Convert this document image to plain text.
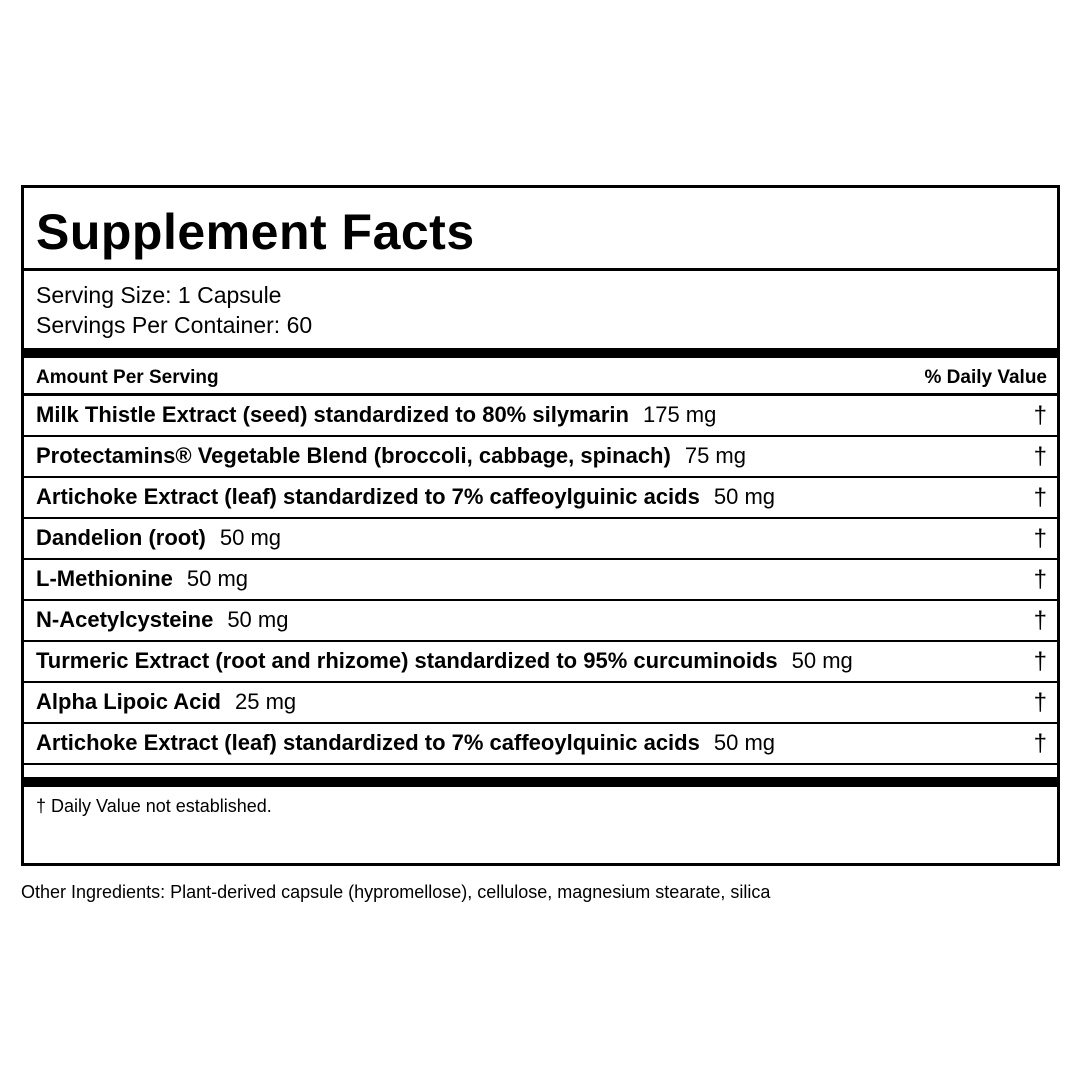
Supplement Facts
Serving Size: 1 Capsule
Servings Per Container: 60
Amount Per Serving	% Daily Value
Milk Thistle Extract (seed) standardized to 80% silymarin 175 mg	†
Protectamins® Vegetable Blend (broccoli, cabbage, spinach) 75 mg	†
Artichoke Extract (leaf) standardized to 7% caffeoylguinic acids 50 mg	†
Dandelion (root) 50 mg	†
L-Methionine 50 mg	†
N-Acetylcysteine 50 mg	†
Turmeric Extract (root and rhizome) standardized to 95% curcuminoids 50 mg	†
Alpha Lipoic Acid 25 mg	†
Artichoke Extract (leaf) standardized to 7% caffeoylquinic acids 50 mg	†
† Daily Value not established.
Other Ingredients: Plant-derived capsule (hypromellose), cellulose, magnesium stearate, silica
